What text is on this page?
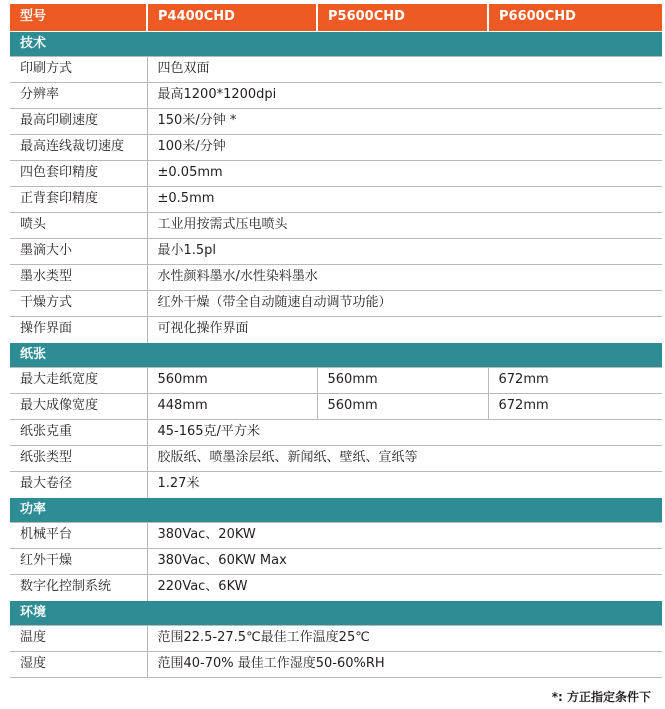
型号	P4400CHD	P5600CHD	P6600CHD
技术			
印刷方式	四色双面		
分辨率	最高1200*1200dpi		
最高印刷速度	150米/分钟 *		
最高连线裁切速度	100米/分钟		
四色套印精度	±0.05mm		
正背套印精度	±0.5mm		
喷头	工业用按需式压电喷头		
墨滴大小	最小1.5pl		
墨水类型	水性颜料墨水/水性染料墨水		
干燥方式	红外干燥（带全自动随速自动调节功能）		
操作界面	可视化操作界面		
纸张			
最大走纸宽度	560mm	560mm	672mm
最大成像宽度	448mm	560mm	672mm
纸张克重	45-165克/平方米		
纸张类型	胶版纸、喷墨涂层纸、新闻纸、壁纸、宣纸等		
最大卷径	1.27米		
功率			
机械平台	380Vac、20KW		
红外干燥	380Vac、60KW Max		
数字化控制系统	220Vac、6KW		
环境			
温度	范围22.5-27.5℃最佳工作温度25℃		
湿度	范围40-70% 最佳工作湿度50-60%RH		
*: 方正指定条件下
